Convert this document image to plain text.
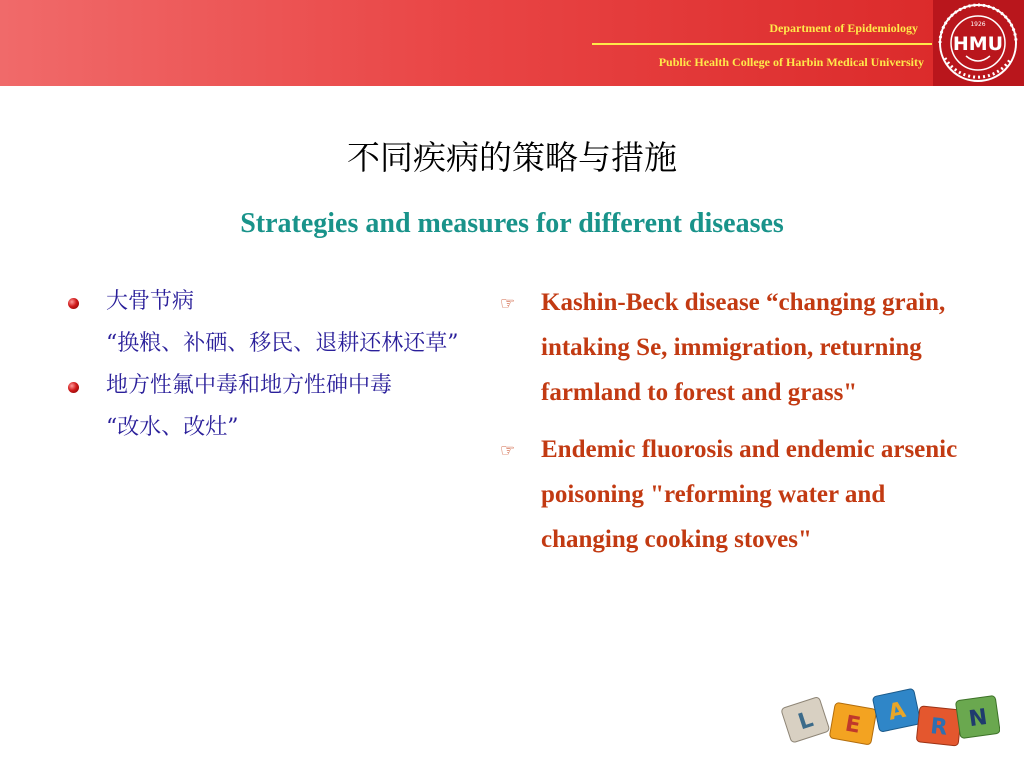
Department of Epidemiology
Public Health College of Harbin Medical University
1926
HMU
不同疾病的策略与措施
Strategies and measures for different diseases
大骨节病
“换粮、补硒、移民、退耕还林还草”
地方性氟中毒和地方性砷中毒
“改水、改灶”
☞ Kashin-Beck disease “changing grain, intaking Se, immigration, returning farmland to forest and grass"
☞ Endemic fluorosis and endemic arsenic poisoning "reforming water and changing cooking stoves"
L E A
R N
